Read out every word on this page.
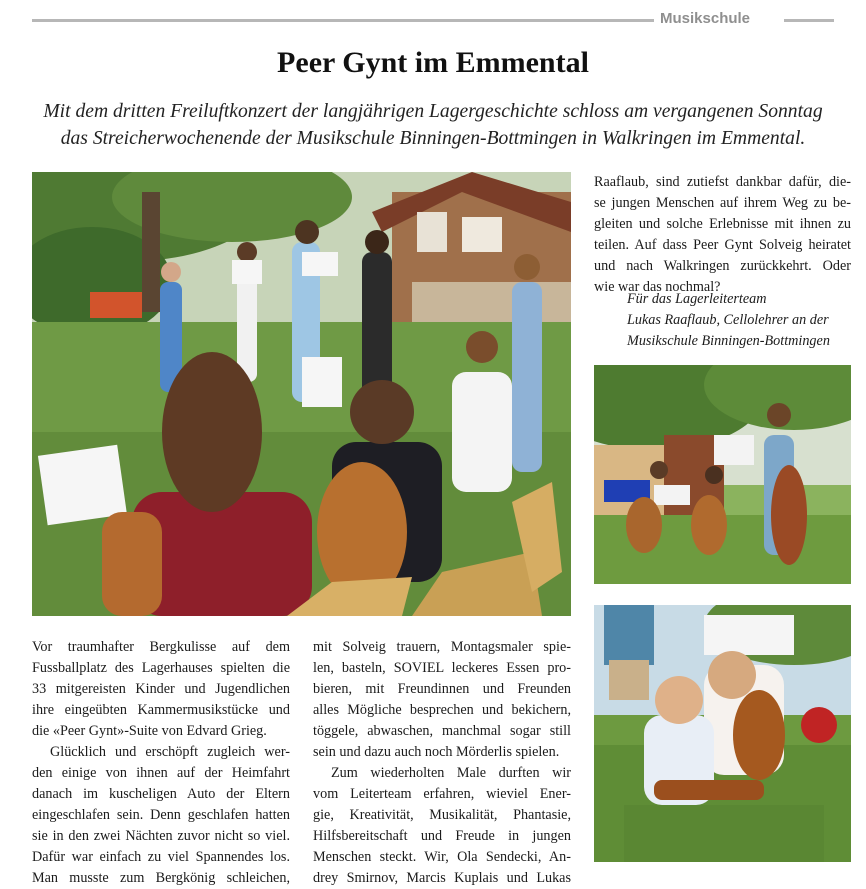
Musikschule
Peer Gynt im Emmental
Mit dem dritten Freiluftkonzert der langjährigen Lagergeschichte schloss am vergangenen Sonntag
das Streicherwochenende der Musikschule Binningen-Bottmingen in Walkringen im Emmental.
Vor traumhafter Bergkulisse auf dem
Fussballplatz des Lagerhauses spielten die
33 mitgereisten Kinder und Jugendlichen
ihre eingeübten Kammermusikstücke und
die «Peer Gynt»-Suite von Edvard Grieg.
Glücklich und erschöpft zugleich wer-
den einige von ihnen auf der Heimfahrt
danach im kuscheligen Auto der Eltern
eingeschlafen sein. Denn geschlafen hatten
sie in den zwei Nächten zuvor nicht so viel.
Dafür war einfach zu viel Spannendes los.
Man musste zum Bergkönig schleichen,
mit Solveig trauern, Montagsmaler spie-
len, basteln, SOVIEL leckeres Essen pro-
bieren, mit Freundinnen und Freunden
alles Mögliche besprechen und bekichern,
töggele, abwaschen, manchmal sogar still
sein und dazu auch noch Mörderlis spielen.
Zum wiederholten Male durften wir
vom Leiterteam erfahren, wieviel Ener-
gie, Kreativität, Musikalität, Phantasie,
Hilfsbereitschaft und Freude in jungen
Menschen steckt. Wir, Ola Sendecki, An-
drey Smirnov, Marcis Kuplais und Lukas
Raaflaub, sind zutiefst dankbar dafür, die-
se jungen Menschen auf ihrem Weg zu be-
gleiten und solche Erlebnisse mit ihnen zu
teilen. Auf dass Peer Gynt Solveig heiratet
und nach Walkringen zurückkehrt. Oder
wie war das nochmal?
Für das Lagerleiterteam
Lukas Raaflaub, Cellolehrer an der
Musikschule Binningen-Bottmingen
